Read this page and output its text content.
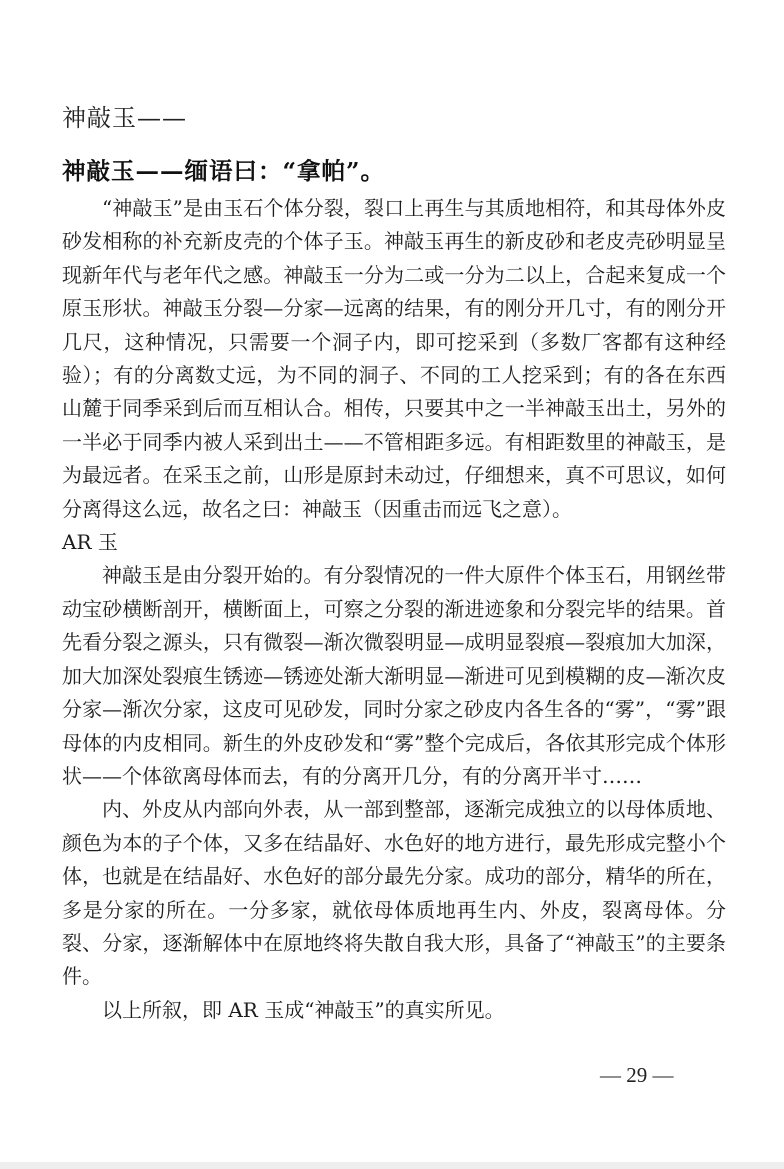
神敲玉——
神敲玉——缅语曰：“拿帕”。

“神敲玉”是由玉石个体分裂，裂口上再生与其质地相符，和其母体外皮砂发相称的补充新皮壳的个体子玉。神敲玉再生的新皮砂和老皮壳砂明显呈现新年代与老年代之感。神敲玉一分为二或一分为二以上，合起来复成一个原玉形状。神敲玉分裂—分家—远离的结果，有的刚分开几寸，有的刚分开几尺，这种情况，只需要一个洞子内，即可挖采到（多数厂客都有这种经验）；有的分离数丈远，为不同的洞子、不同的工人挖采到；有的各在东西山麓于同季采到后而互相认合。相传，只要其中之一半神敲玉出土，另外的一半必于同季内被人采到出土——不管相距多远。有相距数里的神敲玉，是为最远者。在采玉之前，山形是原封未动过，仔细想来，真不可思议，如何分离得这么远，故名之曰：神敲玉（因重击而远飞之意）。

AR 玉

神敲玉是由分裂开始的。有分裂情况的一件大原件个体玉石，用钢丝带动宝砂横断剖开，横断面上，可察之分裂的渐进迹象和分裂完毕的结果。首先看分裂之源头，只有微裂—渐次微裂明显—成明显裂痕—裂痕加大加深，加大加深处裂痕生锈迹—锈迹处渐大渐明显—渐进可见到模糊的皮—渐次皮分家—渐次分家，这皮可见砂发，同时分家之砂皮内各生各的“雾”，“雾”跟母体的内皮相同。新生的外皮砂发和“雾”整个完成后，各依其形完成个体形状——个体欲离母体而去，有的分离开几分，有的分离开半寸……

内、外皮从内部向外表，从一部到整部，逐渐完成独立的以母体质地、颜色为本的子个体，又多在结晶好、水色好的地方进行，最先形成完整小个体，也就是在结晶好、水色好的部分最先分家。成功的部分，精华的所在，多是分家的所在。一分多家，就依母体质地再生内、外皮，裂离母体。分裂、分家，逐渐解体中在原地终将失散自我大形，具备了“神敲玉”的主要条件。

以上所叙，即 AR 玉成“神敲玉”的真实所见。

— 29 —
